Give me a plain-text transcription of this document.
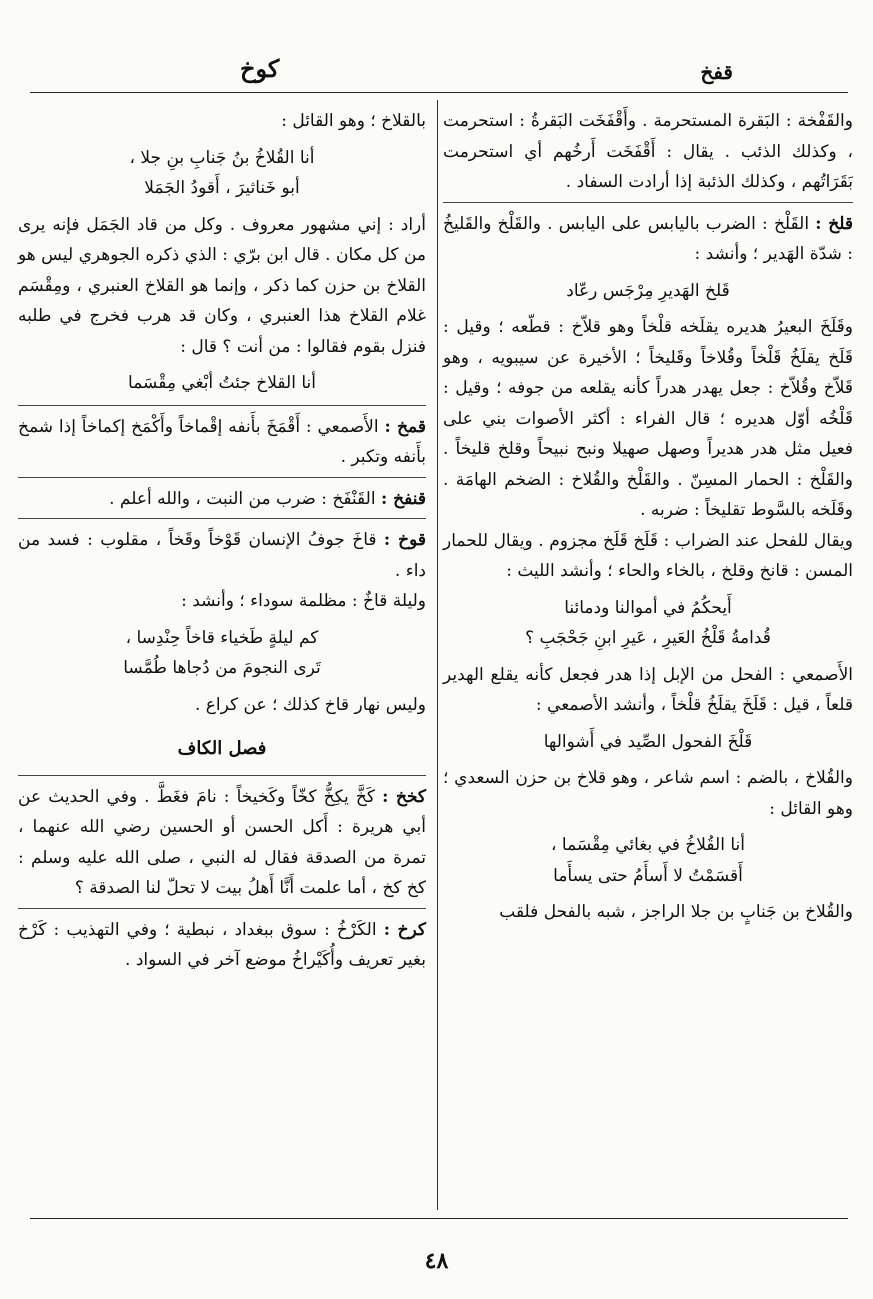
قفخ
كوخ

والقَفْخة : البَقرة المستحرمة . وأَقْفَخَت البَقرةُ : استحرمت ، وكذلك الذئب . يقال : أَقْفَخَت أَرخُهم أي استحرمت بَقَرَاتُهم ، وكذلك الذئبة إذا أرادت السفاد .

قلخ : القَلْخ : الضرب باليابس على اليابس . والقَلْخ والقَليخُ : شدّة الهَدير ؛ وأنشد :

قَلخ الهَديرِ مِرْجَس رعّاد

وقَلَخَ البعيرُ هديره يقلَخه قلْخاً وهو قلاّخ : قطّعه ؛ وقيل : قَلَخ يقلَخُ قَلْخاً وقُلاخاً وقَليخاً ؛ الأخيرة عن سيبويه ، وهو قَلاّخ وقُلاّخ : جعل يهدر هدراً كأنه يقلعه من جوفه ؛ وقيل : قَلْخُه أوّل هديره ؛ قال الفراء : أكثر الأصوات بني على فعيل مثل هدر هديراً وصهل صهيلا ونبح نبيحاً وقلخ قليخاً . والقَلْخ : الحمار المسِنّ . والقَلْخ والقُلاخ : الضخم الهامَة . وقَلَخه بالسَّوط تقليخاً : ضربه .

ويقال للفحل عند الضراب : قَلَخ قَلَخ مجزوم . ويقال للحمار المسن : قانخ وقلخ ، بالخاء والحاء ؛ وأنشد الليث :

أَيحكُمُ في أموالنا ودمائنا

قُدامةُ قَلْخُ العَيرِ ، عَيرِ ابنِ جَحْجَبِ ؟

الأَصمعي : الفحل من الإبل إذا هدر فجعل كأنه يقلع الهدير قلعاً ، قيل : قَلَخَ يقلَخُ قلْخاً ، وأنشد الأصمعي :

قَلْخَ الفحول الصِّيد في أَشوالها

والقُلاخ ، بالضم : اسم شاعر ، وهو قلاخ بن حزن السعدي ؛ وهو القائل :

أنا القُلاخُ في بغائي مِقْسَما ،

أَقسَمْتُ لا أَسأَمُ حتى يسأَما

والقُلاخ بن جَنابٍ بن جلا الراجز ، شبه بالفحل فلقب

بالقلاخ ؛ وهو القائل :

أنا القُلاخُ بنُ جَنابِ بنِ جلا ،

أبو خَناثيرَ ، أَقودُ الجَمَلا

أراد : إني مشهور معروف . وكل من قاد الجَمَل فإنه يرى من كل مكان . قال ابن برّي : الذي ذكره الجوهري ليس هو القلاخ بن حزن كما ذكر ، وإنما هو القلاخ العنبري ، ومِقْسَم غلام القلاخ هذا العنبري ، وكان قد هرب فخرج في طلبه فنزل بقوم فقالوا : من أنت ؟ قال :

أنا القلاخ جئتُ أبْغي مِقْسَما

قمخ : الأَصمعي : أَقْمَخَ بأَنفه إقْماخاً وأَكْمَخ إكماخاً إذا شمخ بأَنفه وتكبر .

قنفخ : القَنْفَخ : ضرب من النبت ، والله أعلم .

قوخ : قاخَ جوفُ الإنسان قَوْخاً وقَخاً ، مقلوب : فسد من داء .

وليلة قاخٌ : مظلمة سوداء ؛ وأنشد :

كم ليلةٍ طَخياء قاخاً حِنْدِسا ،

تَرى النجومَ من دُجاها طُمَّسا

وليس نهار قاخ كذلك ؛ عن كراع .

فصل الكاف

كخخ : كَخَّ يكِخُّ كخّاً وكَخيخاً : نامَ فغَطَّ . وفي الحديث عن أبي هريرة : أَكل الحسن أو الحسين رضي الله عنهما ، تمرة من الصدقة فقال له النبي ، صلى الله عليه وسلم : كخ كخ ، أما علمت أَنَّا أَهلُ بيت لا تحلّ لنا الصدقة ؟

كرخ : الكَرْخُ : سوق ببغداد ، نبطية ؛ وفي التهذيب : كَرْخ بغير تعريف وأُكَيْراخُ موضع آخر في السواد .

٤٨
